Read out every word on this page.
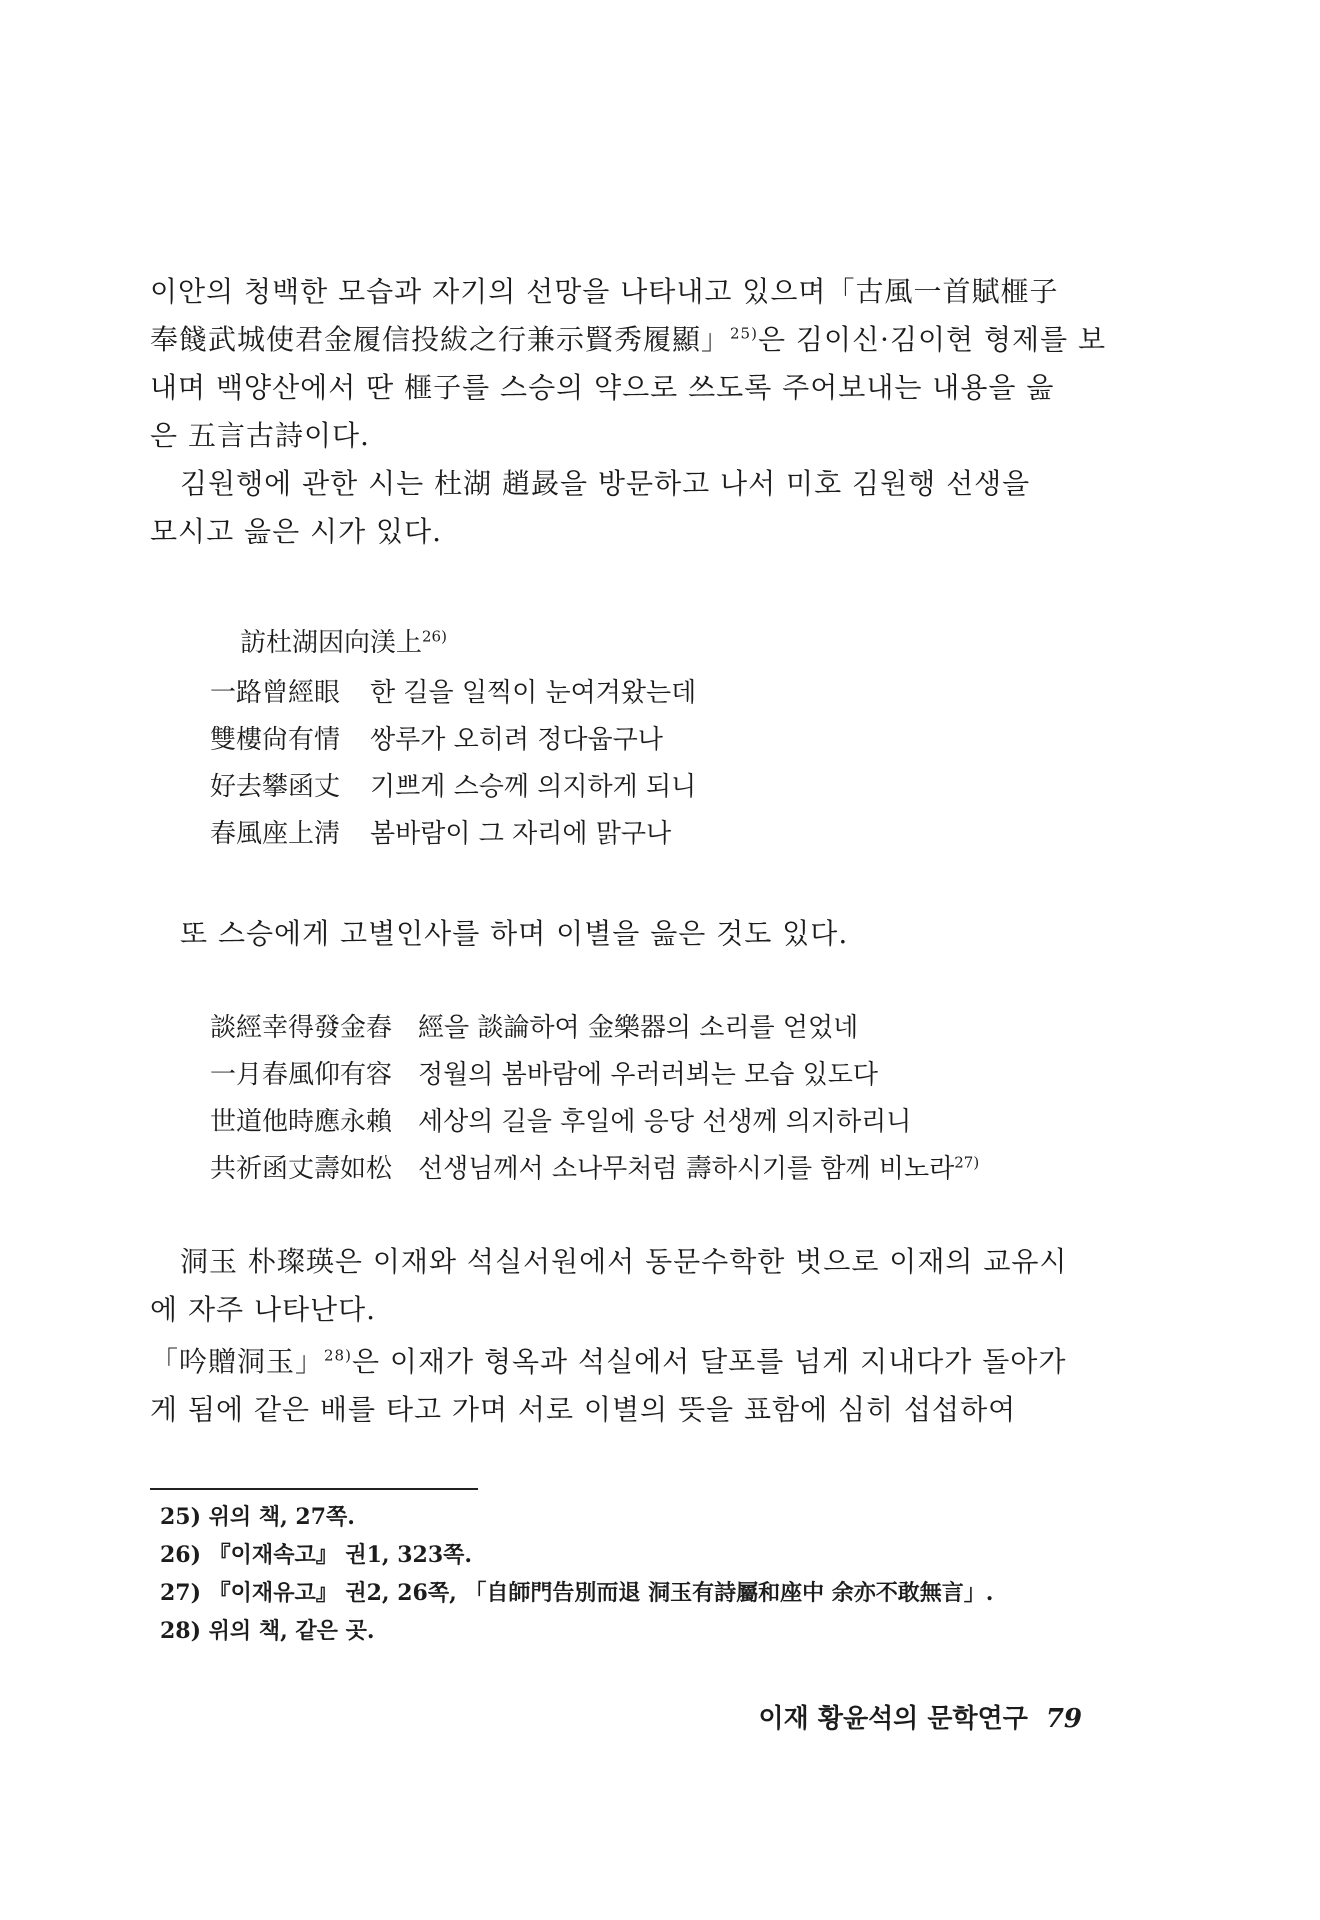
이안의 청백한 모습과 자기의 선망을 나타내고 있으며「古風一首賦榧子
奉餞武城使君金履信投紱之行兼示賢秀履顯」$^{25)}$은 김이신·김이현 형제를 보
내며 백양산에서 딴 榧子를 스승의 약으로 쓰도록 주어보내는 내용을 읊
은 五言古詩이다.

김원행에 관한 시는 杜湖 趙晸을 방문하고 나서 미호 김원행 선생을
모시고 읊은 시가 있다.

訪杜湖因向渼上$^{26)}$
一路曾經眼 한 길을 일찍이 눈여겨왔는데
雙樓尙有情 쌍루가 오히려 정다웁구나
好去攀函丈 기쁘게 스승께 의지하게 되니
春風座上淸 봄바람이 그 자리에 맑구나

또 스승에게 고별인사를 하며 이별을 읊은 것도 있다.

談經幸得發金舂 經을 談論하여 金樂器의 소리를 얻었네
一月春風仰有容 정월의 봄바람에 우러러뵈는 모습 있도다
世道他時應永賴 세상의 길을 후일에 응당 선생께 의지하리니
共祈函丈壽如松 선생님께서 소나무처럼 壽하시기를 함께 비노라$^{27)}$

洞玉 朴璨瑛은 이재와 석실서원에서 동문수학한 벗으로 이재의 교유시
에 자주 나타난다.

「吟贈洞玉」$^{28)}$은 이재가 형옥과 석실에서 달포를 넘게 지내다가 돌아가
게 됨에 같은 배를 타고 가며 서로 이별의 뜻을 표함에 심히 섭섭하여

25) 위의 책, 27쪽.
26) 『이재속고』 권1, 323쪽.
27) 『이재유고』 권2, 26쪽, 「自師門告別而退 洞玉有詩屬和座中 余亦不敢無言」.
28) 위의 책, 같은 곳.
이재 황윤석의 문학연구 79
